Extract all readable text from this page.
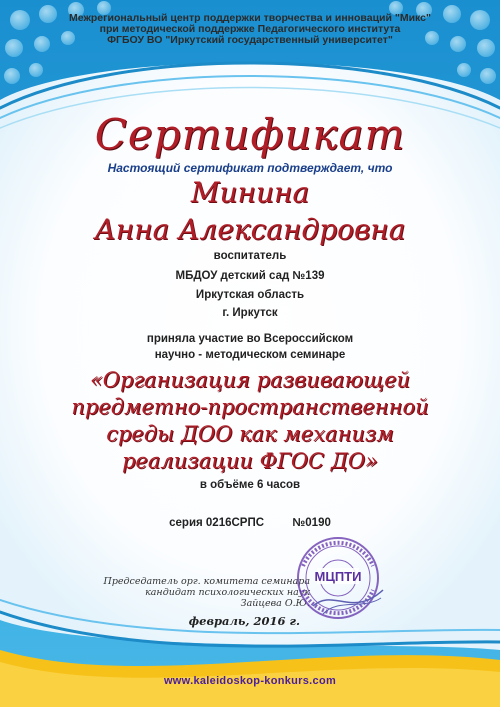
Межрегиональный центр поддержки творчества и инноваций "Микс"
при методической поддержке Педагогического института
ФГБОУ ВО "Иркутский государственный университет"
Сертификат
Настоящий сертификат подтверждает, что
Минина
Анна Александровна
воспитатель
МБДОУ детский сад №139
Иркутская область
г. Иркутск
приняла участие во Всероссийском
научно - методическом семинаре
«Организация развивающей
предметно-пространственной
среды ДОО как механизм
реализации ФГОС ДО»
в объёме 6 часов
серия 0216СРПС №0190
Председатель орг. комитета семинара
кандидат психологических наук
Зайцева О.Ю.
МЦПТИ
февраль, 2016 г.
www.kaleidoskop-konkurs.com
